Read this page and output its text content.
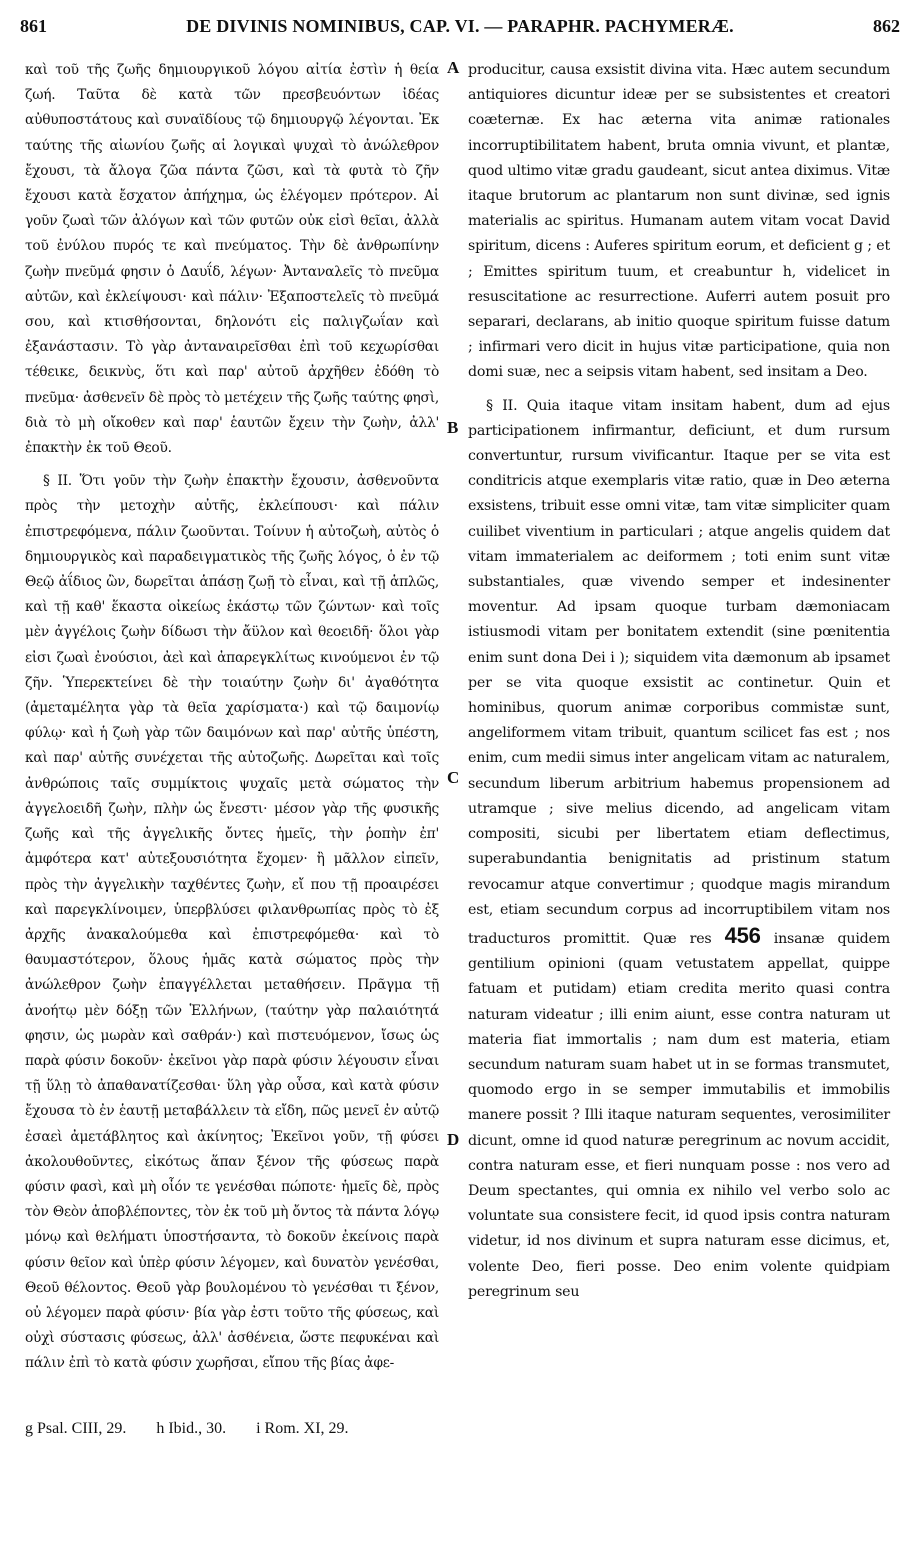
861	DE DIVINIS NOMINIBUS, CAP. VI. — PARAPHR. PACHYMERÆ.	862

καὶ τοῦ τῆς ζωῆς δημιουργικοῦ λόγου αἰτία ἐστὶν ἡ θεία ζωή. Ταῦτα δὲ κατὰ τῶν πρεσβευόντων ἰδέας αὐθυποστάτους καὶ συναϊδίους τῷ δημιουργῷ λέγονται. Ἐκ ταύτης τῆς αἰωνίου ζωῆς αἱ λογικαὶ ψυχαὶ τὸ ἀνώλεθρον ἔχουσι, τὰ ἄλογα ζῶα πάντα ζῶσι, καὶ τὰ φυτὰ τὸ ζῆν ἔχουσι κατὰ ἔσχατον ἀπήχημα, ὡς ἐλέγομεν πρότερον. Αἱ γοῦν ζωαὶ τῶν ἀλόγων καὶ τῶν φυτῶν οὐκ εἰσὶ θεῖαι, ἀλλὰ τοῦ ἐνύλου πυρός τε καὶ πνεύματος. Τὴν δὲ ἀνθρωπίνην ζωὴν πνεῦμά φησιν ὁ Δαυΐδ, λέγων· Ἀνταναλεῖς τὸ πνεῦμα αὐτῶν, καὶ ἐκλείψουσι· καὶ πάλιν· Ἐξαποστελεῖς τὸ πνεῦμά σου, καὶ κτισθήσονται, δηλονότι εἰς παλιγζωΐαν καὶ ἐξανάστασιν. Τὸ γὰρ ἀνταναιρεῖσθαι ἐπὶ τοῦ κεχωρίσθαι τέθεικε, δεικνὺς, ὅτι καὶ παρ' αὐτοῦ ἀρχῆθεν ἐδόθη τὸ πνεῦμα· ἀσθενεῖν δὲ πρὸς τὸ μετέχειν τῆς ζωῆς ταύτης φησὶ, διὰ τὸ μὴ οἴκοθεν καὶ παρ' ἑαυτῶν ἔχειν τὴν ζωὴν, ἀλλ' ἐπακτὴν ἐκ τοῦ Θεοῦ.

§ II. Ὅτι γοῦν τὴν ζωὴν ἐπακτὴν ἔχουσιν, ἀσθενοῦντα πρὸς τὴν μετοχὴν αὐτῆς, ἐκλείπουσι· καὶ πάλιν ἐπιστρεφόμενα, πάλιν ζωοῦνται. Τοίνυν ἡ αὐτοζωὴ, αὐτὸς ὁ δημιουργικὸς καὶ παραδειγματικὸς τῆς ζωῆς λόγος, ὁ ἐν τῷ Θεῷ ἀΐδιος ὢν, δωρεῖται ἁπάσῃ ζωῇ τὸ εἶναι, καὶ τῇ ἁπλῶς, καὶ τῇ καθ' ἕκαστα οἰκείως ἑκάστῳ τῶν ζώντων· καὶ τοῖς μὲν ἀγγέλοις ζωὴν δίδωσι τὴν ἄϋλον καὶ θεοειδῆ· ὅλοι γὰρ εἰσι ζωαὶ ἐνούσιοι, ἀεὶ καὶ ἀπαρεγκλίτως κινούμενοι ἐν τῷ ζῆν. Ὑπερεκτείνει δὲ τὴν τοιαύτην ζωὴν δι' ἀγαθότητα (ἀμεταμέλητα γὰρ τὰ θεῖα χαρίσματα·) καὶ τῷ δαιμονίῳ φύλῳ· καὶ ἡ ζωὴ γὰρ τῶν δαιμόνων καὶ παρ' αὐτῆς ὑπέστη, καὶ παρ' αὐτῆς συνέχεται τῆς αὐτοζωῆς. Δωρεῖται καὶ τοῖς ἀνθρώποις ταῖς συμμίκτοις ψυχαῖς μετὰ σώματος τὴν ἀγγελοειδῆ ζωὴν, πλὴν ὡς ἔνεστι· μέσον γὰρ τῆς φυσικῆς ζωῆς καὶ τῆς ἀγγελικῆς ὄντες ἡμεῖς, τὴν ῥοπὴν ἐπ' ἀμφότερα κατ' αὐτεξουσιότητα ἔχομεν· ἢ μᾶλλον εἰπεῖν, πρὸς τὴν ἀγγελικὴν ταχθέντες ζωὴν, εἴ που τῇ προαιρέσει καὶ παρεγκλίνοιμεν, ὑπερβλύσει φιλανθρωπίας πρὸς τὸ ἐξ ἀρχῆς ἀνακαλούμεθα καὶ ἐπιστρεφόμεθα· καὶ τὸ θαυμαστότερον, ὅλους ἡμᾶς κατὰ σώματος πρὸς τὴν ἀνώλεθρον ζωὴν ἐπαγγέλλεται μεταθήσειν. Πρᾶγμα τῇ ἀνοήτῳ μὲν δόξῃ τῶν Ἑλλήνων, (ταύτην γὰρ παλαιότητά φησιν, ὡς μωρὰν καὶ σαθράν·) καὶ πιστευόμενον, ἴσως ὡς παρὰ φύσιν δοκοῦν· ἐκεῖνοι γὰρ παρὰ φύσιν λέγουσιν εἶναι τῇ ὕλῃ τὸ ἀπαθανατίζεσθαι· ὕλη γὰρ οὖσα, καὶ κατὰ φύσιν ἔχουσα τὸ ἐν ἑαυτῇ μεταβάλλειν τὰ εἴδη, πῶς μενεῖ ἐν αὐτῷ ἐσαεὶ ἀμετάβλητος καὶ ἀκίνητος; Ἐκεῖνοι γοῦν, τῇ φύσει ἀκολουθοῦντες, εἰκότως ἅπαν ξένον τῆς φύσεως παρὰ φύσιν φασὶ, καὶ μὴ οἷόν τε γενέσθαι πώποτε· ἡμεῖς δὲ, πρὸς τὸν Θεὸν ἀποβλέποντες, τὸν ἐκ τοῦ μὴ ὄντος τὰ πάντα λόγῳ μόνῳ καὶ θελήματι ὑποστήσαντα, τὸ δοκοῦν ἐκείνοις παρὰ φύσιν θεῖον καὶ ὑπὲρ φύσιν λέγομεν, καὶ δυνατὸν γενέσθαι, Θεοῦ θέλοντος. Θεοῦ γὰρ βουλομένου τὸ γενέσθαι τι ξένον, οὐ λέγομεν παρὰ φύσιν· βία γὰρ ἐστι τοῦτο τῆς φύσεως, καὶ οὐχὶ σύστασις φύσεως, ἀλλ' ἀσθένεια, ὥστε πεφυκέναι καὶ πάλιν ἐπὶ τὸ κατὰ φύσιν χωρῆσαι, εἴπου τῆς βίας ἀφε-

A
B
C
D

producitur, causa exsistit divina vita. Hæc autem secundum antiquiores dicuntur ideæ per se subsistentes et creatori coæternæ. Ex hac æterna vita animæ rationales incorruptibilitatem habent, bruta omnia vivunt, et plantæ, quod ultimo vitæ gradu gaudeant, sicut antea diximus. Vitæ itaque brutorum ac plantarum non sunt divinæ, sed ignis materialis ac spiritus. Humanam autem vitam vocat David spiritum, dicens : Auferes spiritum eorum, et deficient g ; et ; Emittes spiritum tuum, et creabuntur h, videlicet in resuscitatione ac resurrectione. Auferri autem posuit pro separari, declarans, ab initio quoque spiritum fuisse datum ; infirmari vero dicit in hujus vitæ participatione, quia non domi suæ, nec a seipsis vitam habent, sed insitam a Deo.

§ II. Quia itaque vitam insitam habent, dum ad ejus participationem infirmantur, deficiunt, et dum rursum convertuntur, rursum vivificantur. Itaque per se vita est conditricis atque exemplaris vitæ ratio, quæ in Deo æterna exsistens, tribuit esse omni vitæ, tam vitæ simpliciter quam cuilibet viventium in particulari ; atque angelis quidem dat vitam immaterialem ac deiformem ; toti enim sunt vitæ substantiales, quæ vivendo semper et indesinenter moventur. Ad ipsam quoque turbam dæmoniacam istiusmodi vitam per bonitatem extendit (sine pœnitentia enim sunt dona Dei i ); siquidem vita dæmonum ab ipsamet per se vita quoque exsistit ac continetur. Quin et hominibus, quorum animæ corporibus commistæ sunt, angeliformem vitam tribuit, quantum scilicet fas est ; nos enim, cum medii simus inter angelicam vitam ac naturalem, secundum liberum arbitrium habemus propensionem ad utramque ; sive melius dicendo, ad angelicam vitam compositi, sicubi per libertatem etiam deflectimus, superabundantia benignitatis ad pristinum statum revocamur atque convertimur ; quodque magis mirandum est, etiam secundum corpus ad incorruptibilem vitam nos traducturos promittit. Quæ res 456 insanæ quidem gentilium opinioni (quam vetustatem appellat, quippe fatuam et putidam) etiam credita merito quasi contra naturam videatur ; illi enim aiunt, esse contra naturam ut materia fiat immortalis ; nam dum est materia, etiam secundum naturam suam habet ut in se formas transmutet, quomodo ergo in se semper immutabilis et immobilis manere possit ? Illi itaque naturam sequentes, verosimiliter dicunt, omne id quod naturæ peregrinum ac novum accidit, contra naturam esse, et fieri nunquam posse : nos vero ad Deum spectantes, qui omnia ex nihilo vel verbo solo ac voluntate sua consistere fecit, id quod ipsis contra naturam videtur, id nos divinum et supra naturam esse dicimus, et, volente Deo, fieri posse. Deo enim volente quidpiam peregrinum seu

g Psal. CIII, 29. h Ibid., 30. i Rom. XI, 29.
